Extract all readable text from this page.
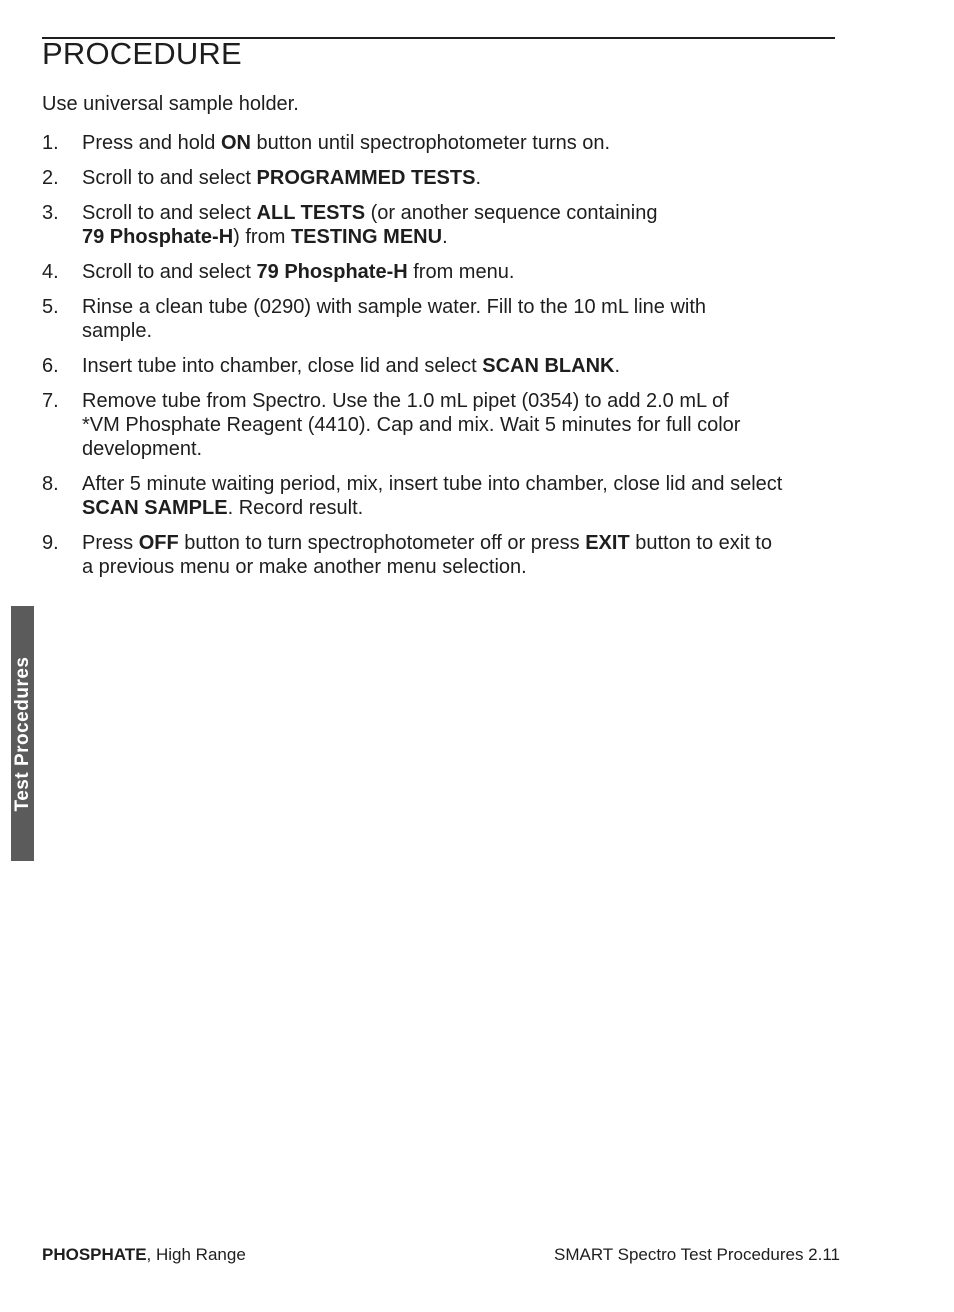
PROCEDURE

Use universal sample holder.

1. Press and hold ON button until spectrophotometer turns on.
2. Scroll to and select PROGRAMMED TESTS.
3. Scroll to and select ALL TESTS (or another sequence containing
79 Phosphate-H) from TESTING MENU.
4. Scroll to and select 79 Phosphate-H from menu.
5. Rinse a clean tube (0290) with sample water. Fill to the 10 mL line with
sample.
6. Insert tube into chamber, close lid and select SCAN BLANK.
7. Remove tube from Spectro. Use the 1.0 mL pipet (0354) to add 2.0 mL of
*VM Phosphate Reagent (4410). Cap and mix. Wait 5 minutes for full color
development.
8. After 5 minute waiting period, mix, insert tube into chamber, close lid and select
SCAN SAMPLE. Record result.
9. Press OFF button to turn spectrophotometer off or press EXIT button to exit to
a previous menu or make another menu selection.
Test Procedures
PHOSPHATE, High Range	SMART Spectro Test Procedures 2.11
